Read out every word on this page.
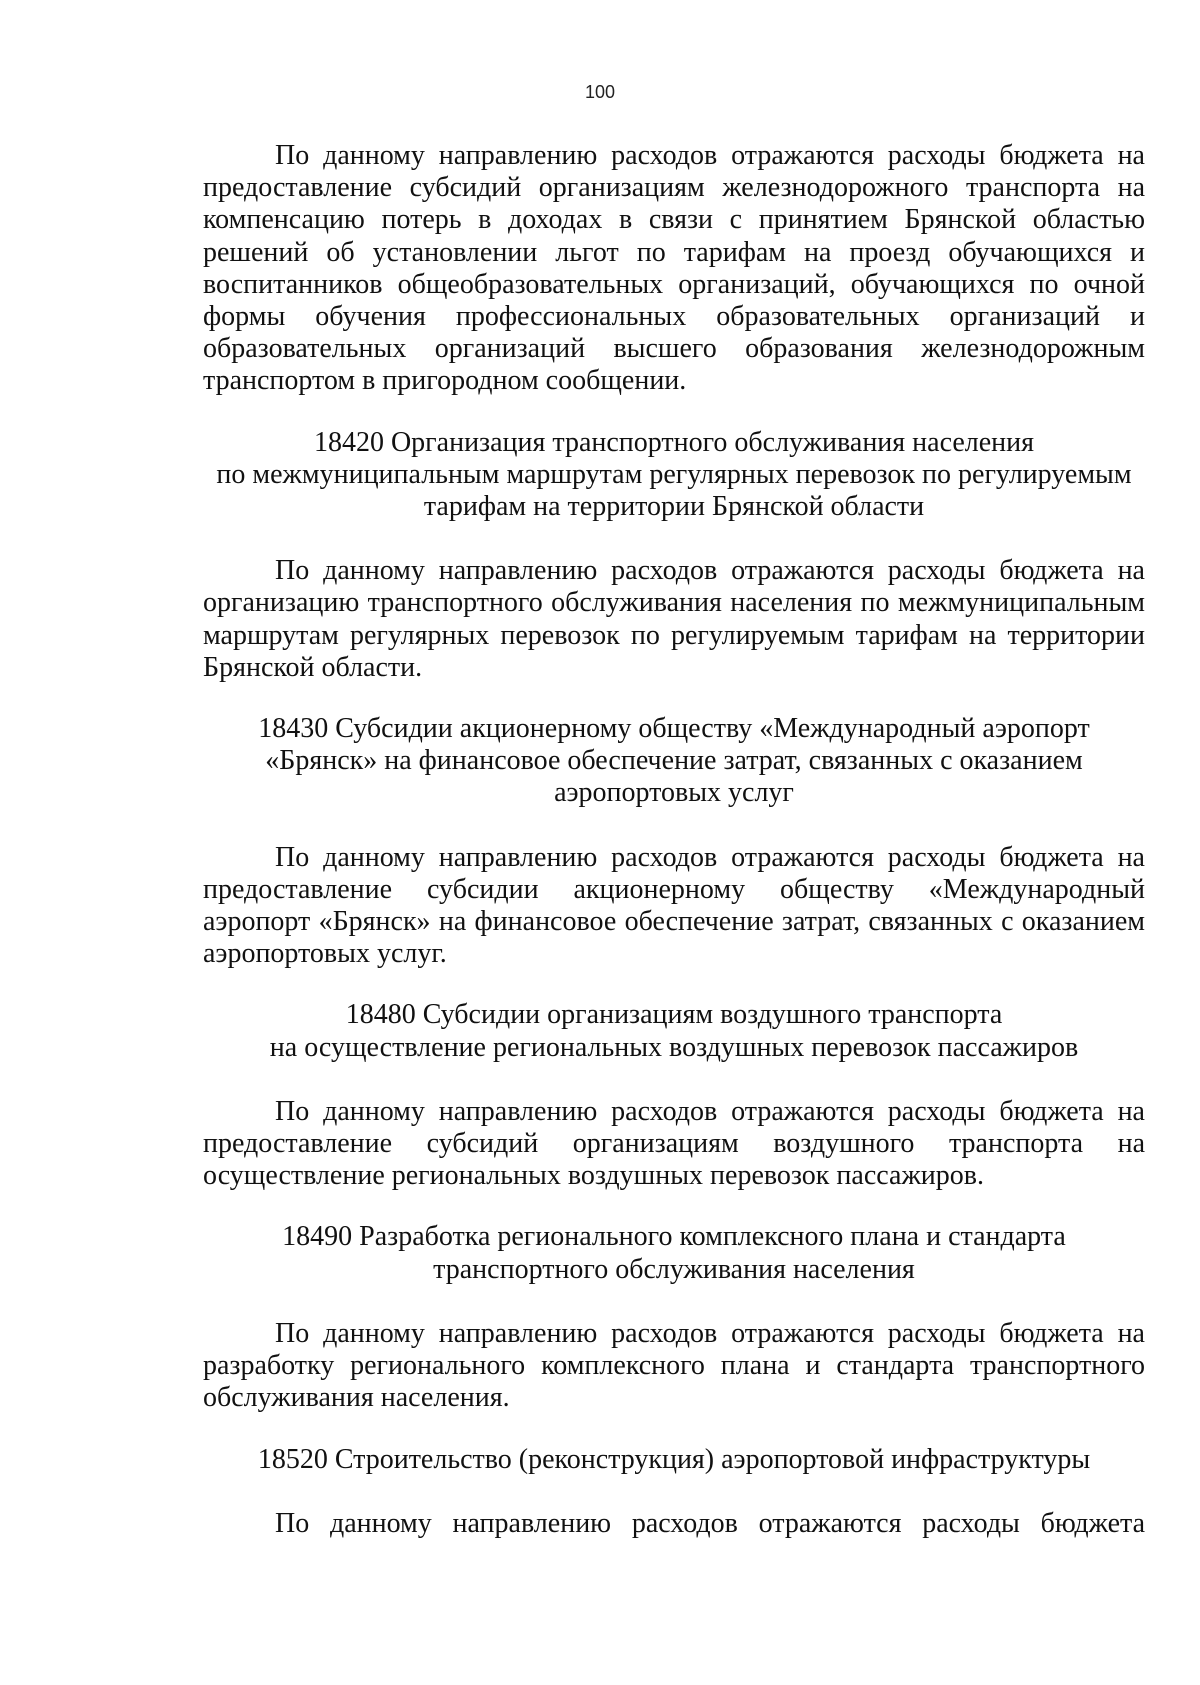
100

По данному направлению расходов отражаются расходы бюджета на предоставление субсидий организациям железнодорожного транспорта на компенсацию потерь в доходах в связи с принятием Брянской областью решений об установлении льгот по тарифам на проезд обучающихся и воспитанников общеобразовательных организаций, обучающихся по очной формы обучения профессиональных образовательных организаций и образовательных организаций высшего образования железнодорожным транспортом в пригородном сообщении.

18420 Организация транспортного обслуживания населения
по межмуниципальным маршрутам регулярных перевозок по регулируемым
тарифам на территории Брянской области

По данному направлению расходов отражаются расходы бюджета на организацию транспортного обслуживания населения по межмуниципальным маршрутам регулярных перевозок по регулируемым тарифам на территории Брянской области.

18430 Субсидии акционерному обществу «Международный аэропорт
«Брянск» на финансовое обеспечение затрат, связанных с оказанием
аэропортовых услуг

По данному направлению расходов отражаются расходы бюджета на предоставление субсидии акционерному обществу «Международный аэропорт «Брянск» на финансовое обеспечение затрат, связанных с оказанием аэропортовых услуг.

18480 Субсидии организациям воздушного транспорта
на осуществление региональных воздушных перевозок пассажиров

По данному направлению расходов отражаются расходы бюджета на предоставление субсидий организациям воздушного транспорта на осуществление региональных воздушных перевозок пассажиров.

18490 Разработка регионального комплексного плана и стандарта
транспортного обслуживания населения

По данному направлению расходов отражаются расходы бюджета на разработку регионального комплексного плана и стандарта транспортного обслуживания населения.

18520 Строительство (реконструкция) аэропортовой инфраструктуры

По данному направлению расходов отражаются расходы бюджета
